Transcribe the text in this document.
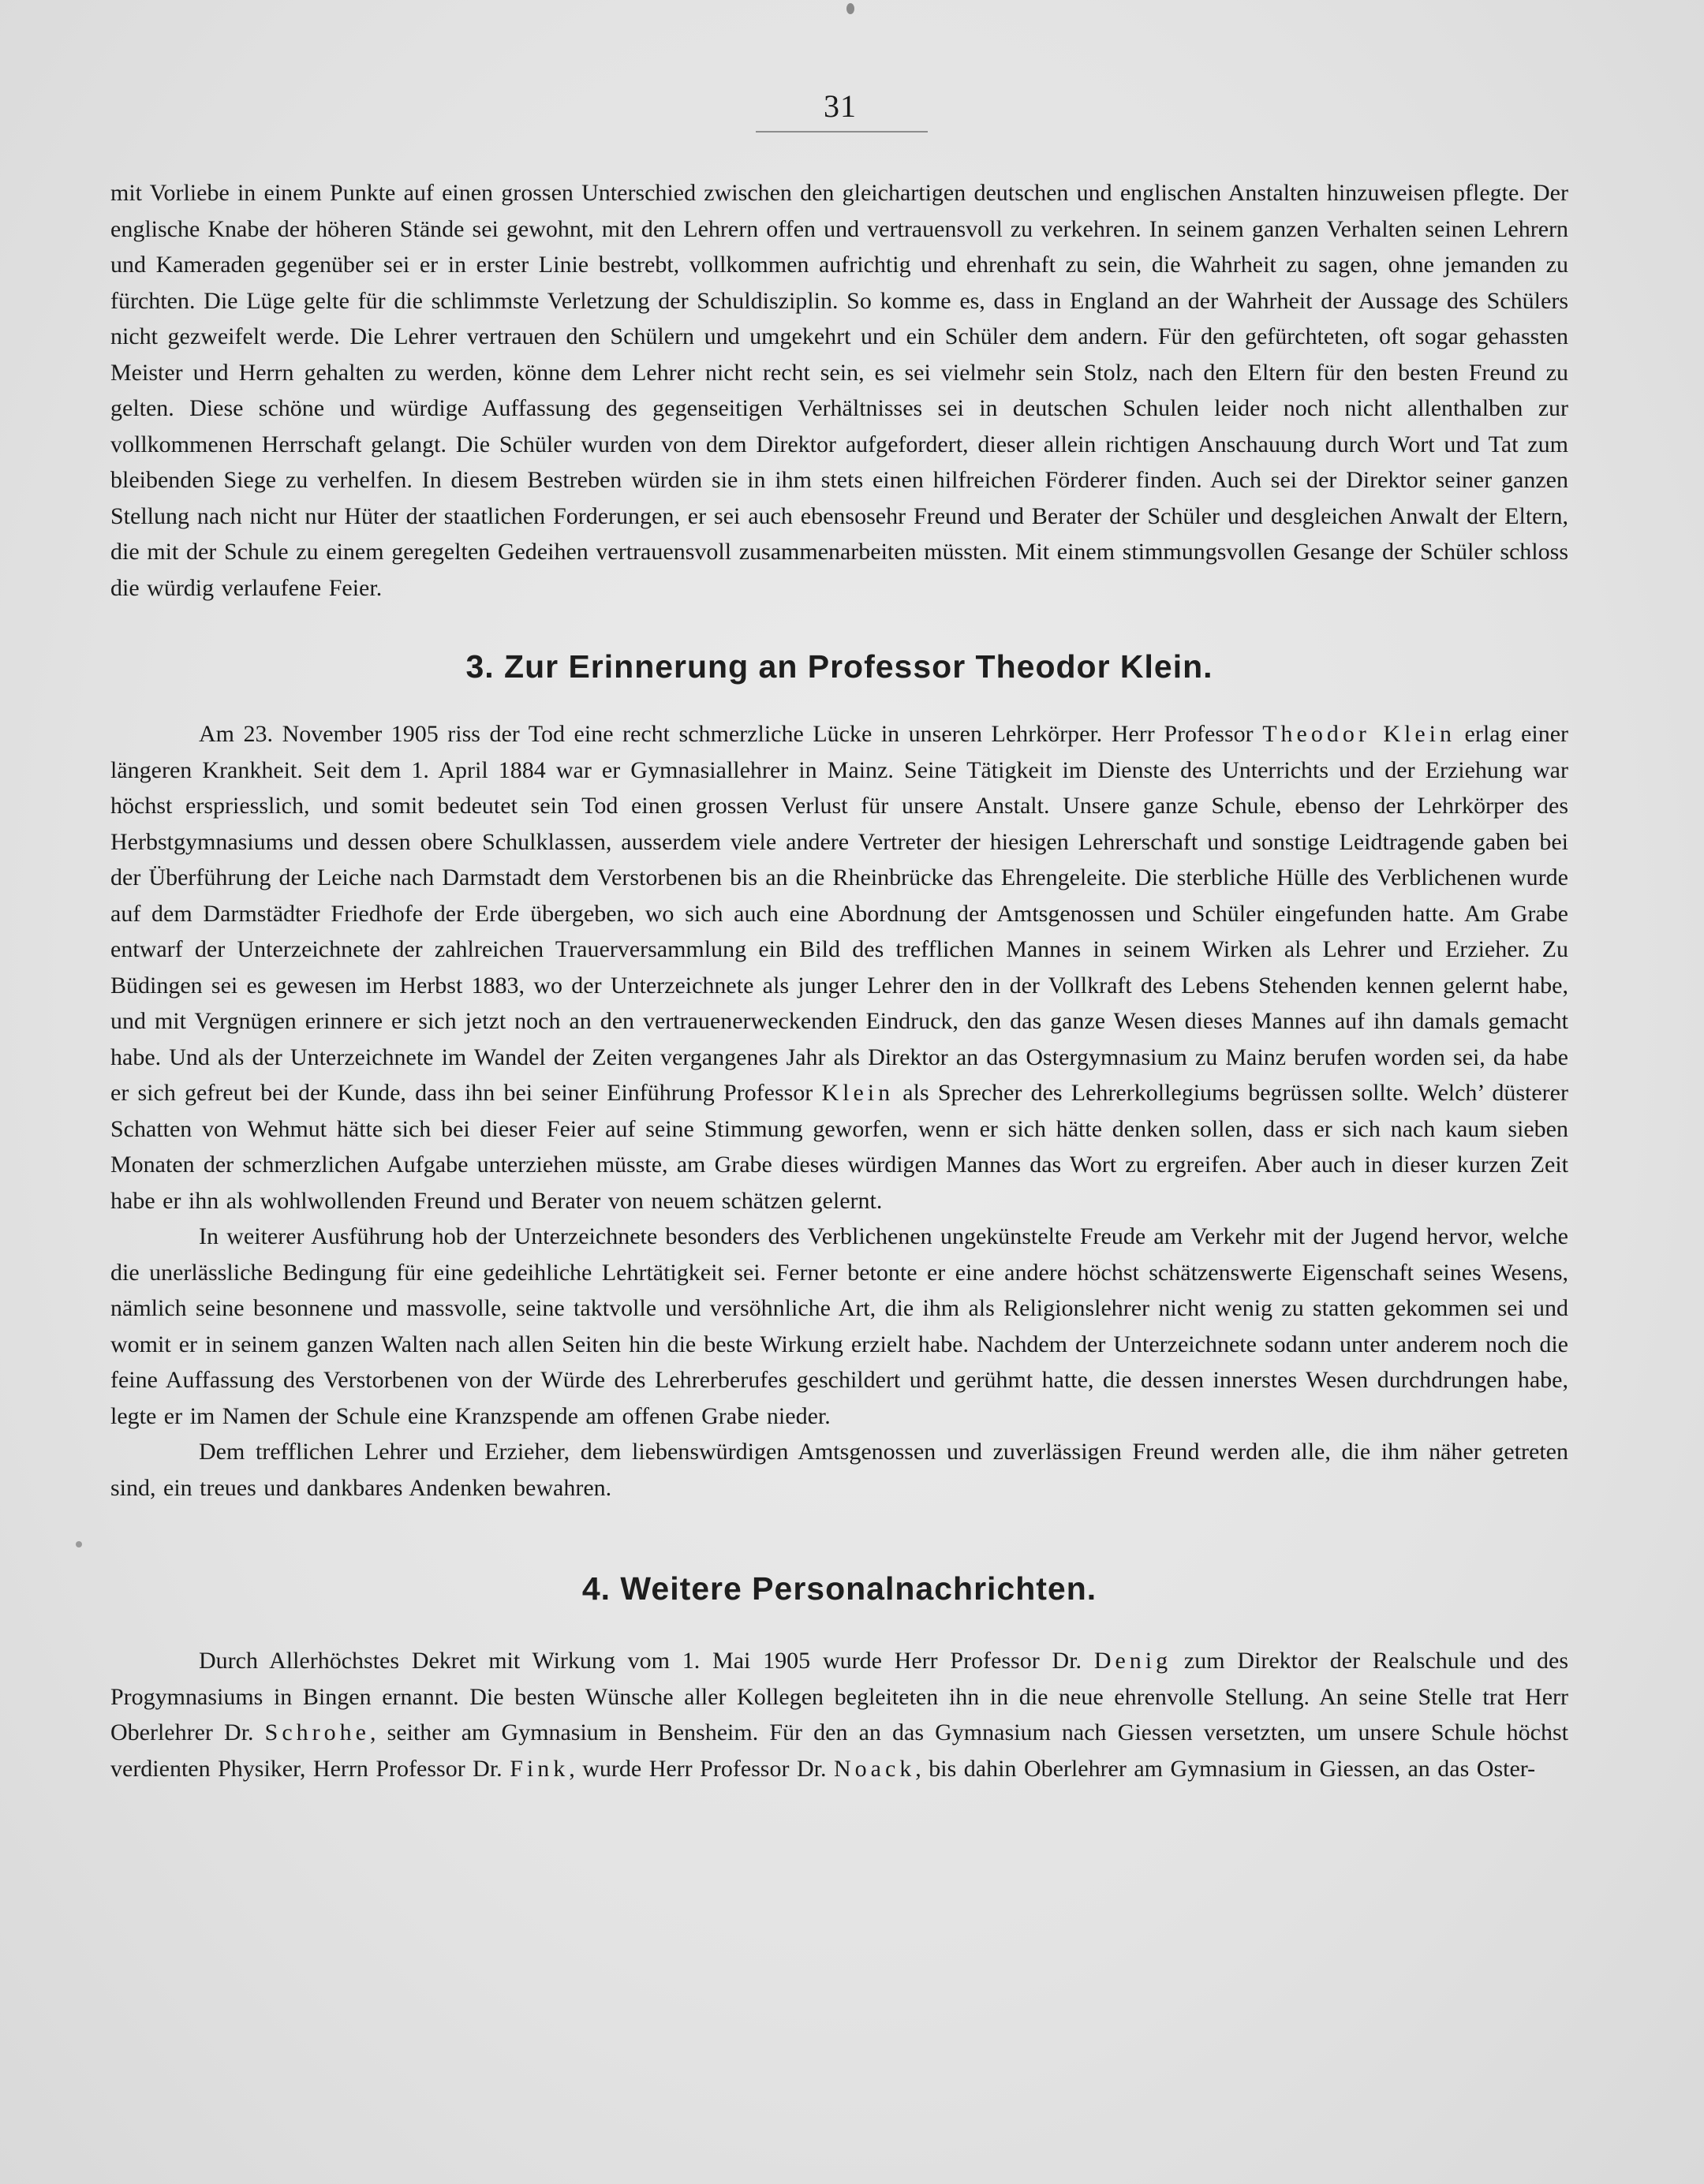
31

mit Vorliebe in einem Punkte auf einen grossen Unterschied zwischen den gleichartigen deutschen und englischen Anstalten hinzuweisen pflegte. Der englische Knabe der höheren Stände sei gewohnt, mit den Lehrern offen und vertrauensvoll zu verkehren. In seinem ganzen Verhalten seinen Lehrern und Kameraden gegenüber sei er in erster Linie bestrebt, vollkommen aufrichtig und ehrenhaft zu sein, die Wahrheit zu sagen, ohne jemanden zu fürchten. Die Lüge gelte für die schlimmste Verletzung der Schuldisziplin. So komme es, dass in England an der Wahrheit der Aussage des Schülers nicht gezweifelt werde. Die Lehrer vertrauen den Schülern und umgekehrt und ein Schüler dem andern. Für den gefürchteten, oft sogar gehassten Meister und Herrn gehalten zu werden, könne dem Lehrer nicht recht sein, es sei vielmehr sein Stolz, nach den Eltern für den besten Freund zu gelten. Diese schöne und würdige Auffassung des gegenseitigen Verhältnisses sei in deutschen Schulen leider noch nicht allenthalben zur vollkommenen Herrschaft gelangt. Die Schüler wurden von dem Direktor aufgefordert, dieser allein richtigen Anschauung durch Wort und Tat zum bleibenden Siege zu verhelfen. In diesem Bestreben würden sie in ihm stets einen hilfreichen Förderer finden. Auch sei der Direktor seiner ganzen Stellung nach nicht nur Hüter der staatlichen Forderungen, er sei auch ebensosehr Freund und Berater der Schüler und desgleichen Anwalt der Eltern, die mit der Schule zu einem geregelten Gedeihen vertrauensvoll zusammenarbeiten müssten. Mit einem stimmungsvollen Gesange der Schüler schloss die würdig verlaufene Feier.

3. Zur Erinnerung an Professor Theodor Klein.

Am 23. November 1905 riss der Tod eine recht schmerzliche Lücke in unseren Lehrkörper. Herr Professor Theodor Klein erlag einer längeren Krankheit. Seit dem 1. April 1884 war er Gymnasiallehrer in Mainz. Seine Tätigkeit im Dienste des Unterrichts und der Erziehung war höchst erspriesslich, und somit bedeutet sein Tod einen grossen Verlust für unsere Anstalt. Unsere ganze Schule, ebenso der Lehrkörper des Herbstgymnasiums und dessen obere Schulklassen, ausserdem viele andere Vertreter der hiesigen Lehrerschaft und sonstige Leidtragende gaben bei der Überführung der Leiche nach Darmstadt dem Verstorbenen bis an die Rheinbrücke das Ehrengeleite. Die sterbliche Hülle des Verblichenen wurde auf dem Darmstädter Friedhofe der Erde übergeben, wo sich auch eine Abordnung der Amtsgenossen und Schüler eingefunden hatte. Am Grabe entwarf der Unterzeichnete der zahlreichen Trauerversammlung ein Bild des trefflichen Mannes in seinem Wirken als Lehrer und Erzieher. Zu Büdingen sei es gewesen im Herbst 1883, wo der Unterzeichnete als junger Lehrer den in der Vollkraft des Lebens Stehenden kennen gelernt habe, und mit Vergnügen erinnere er sich jetzt noch an den vertrauenerweckenden Eindruck, den das ganze Wesen dieses Mannes auf ihn damals gemacht habe. Und als der Unterzeichnete im Wandel der Zeiten vergangenes Jahr als Direktor an das Ostergymnasium zu Mainz berufen worden sei, da habe er sich gefreut bei der Kunde, dass ihn bei seiner Einführung Professor Klein als Sprecher des Lehrerkollegiums begrüssen sollte. Welch’ düsterer Schatten von Wehmut hätte sich bei dieser Feier auf seine Stimmung geworfen, wenn er sich hätte denken sollen, dass er sich nach kaum sieben Monaten der schmerzlichen Aufgabe unterziehen müsste, am Grabe dieses würdigen Mannes das Wort zu ergreifen. Aber auch in dieser kurzen Zeit habe er ihn als wohlwollenden Freund und Berater von neuem schätzen gelernt.

In weiterer Ausführung hob der Unterzeichnete besonders des Verblichenen ungekünstelte Freude am Verkehr mit der Jugend hervor, welche die unerlässliche Bedingung für eine gedeihliche Lehrtätigkeit sei. Ferner betonte er eine andere höchst schätzenswerte Eigenschaft seines Wesens, nämlich seine besonnene und massvolle, seine taktvolle und versöhnliche Art, die ihm als Religionslehrer nicht wenig zu statten gekommen sei und womit er in seinem ganzen Walten nach allen Seiten hin die beste Wirkung erzielt habe. Nachdem der Unterzeichnete sodann unter anderem noch die feine Auffassung des Verstorbenen von der Würde des Lehrerberufes geschildert und gerühmt hatte, die dessen innerstes Wesen durchdrungen habe, legte er im Namen der Schule eine Kranzspende am offenen Grabe nieder.

Dem trefflichen Lehrer und Erzieher, dem liebenswürdigen Amtsgenossen und zuverlässigen Freund werden alle, die ihm näher getreten sind, ein treues und dankbares Andenken bewahren.

4. Weitere Personalnachrichten.

Durch Allerhöchstes Dekret mit Wirkung vom 1. Mai 1905 wurde Herr Professor Dr. Denig zum Direktor der Realschule und des Progymnasiums in Bingen ernannt. Die besten Wünsche aller Kollegen begleiteten ihn in die neue ehrenvolle Stellung. An seine Stelle trat Herr Oberlehrer Dr. Schrohe, seither am Gymnasium in Bensheim. Für den an das Gymnasium nach Giessen versetzten, um unsere Schule höchst verdienten Physiker, Herrn Professor Dr. Fink, wurde Herr Professor Dr. Noack, bis dahin Oberlehrer am Gymnasium in Giessen, an das Oster-
